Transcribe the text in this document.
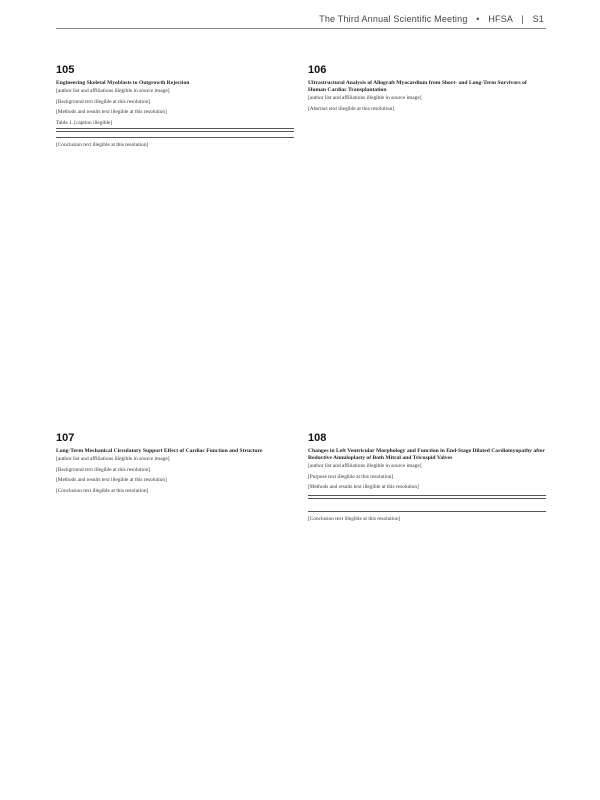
The Third Annual Scientific Meeting • HFSA | S1
105
Engineering Skeletal Myoblasts to Outgrowth Rejection
[author list and affiliations illegible in source image]

[Background text illegible at this resolution]

[Methods and results text illegible at this resolution]

Table 1. [caption illegible]

[Conclusion text illegible at this resolution]

106
Ultrastructural Analysis of Allograft Myocardium from Short- and Long-Term Survivors of Human Cardiac Transplantation
[author list and affiliations illegible in source image]

[Abstract text illegible at this resolution]

107
Long-Term Mechanical Circulatory Support Effect of Cardiac Function and Structure
[author list and affiliations illegible in source image]

[Background text illegible at this resolution]

[Methods and results text illegible at this resolution]

[Conclusion text illegible at this resolution]

108
Changes in Left Ventricular Morphology and Function in End-Stage Dilated Cardiomyopathy after Reductive Annuloplasty of Both Mitral and Tricuspid Valves
[author list and affiliations illegible in source image]

[Purpose text illegible at this resolution]

[Methods and results text illegible at this resolution]

[Conclusion text illegible at this resolution]
